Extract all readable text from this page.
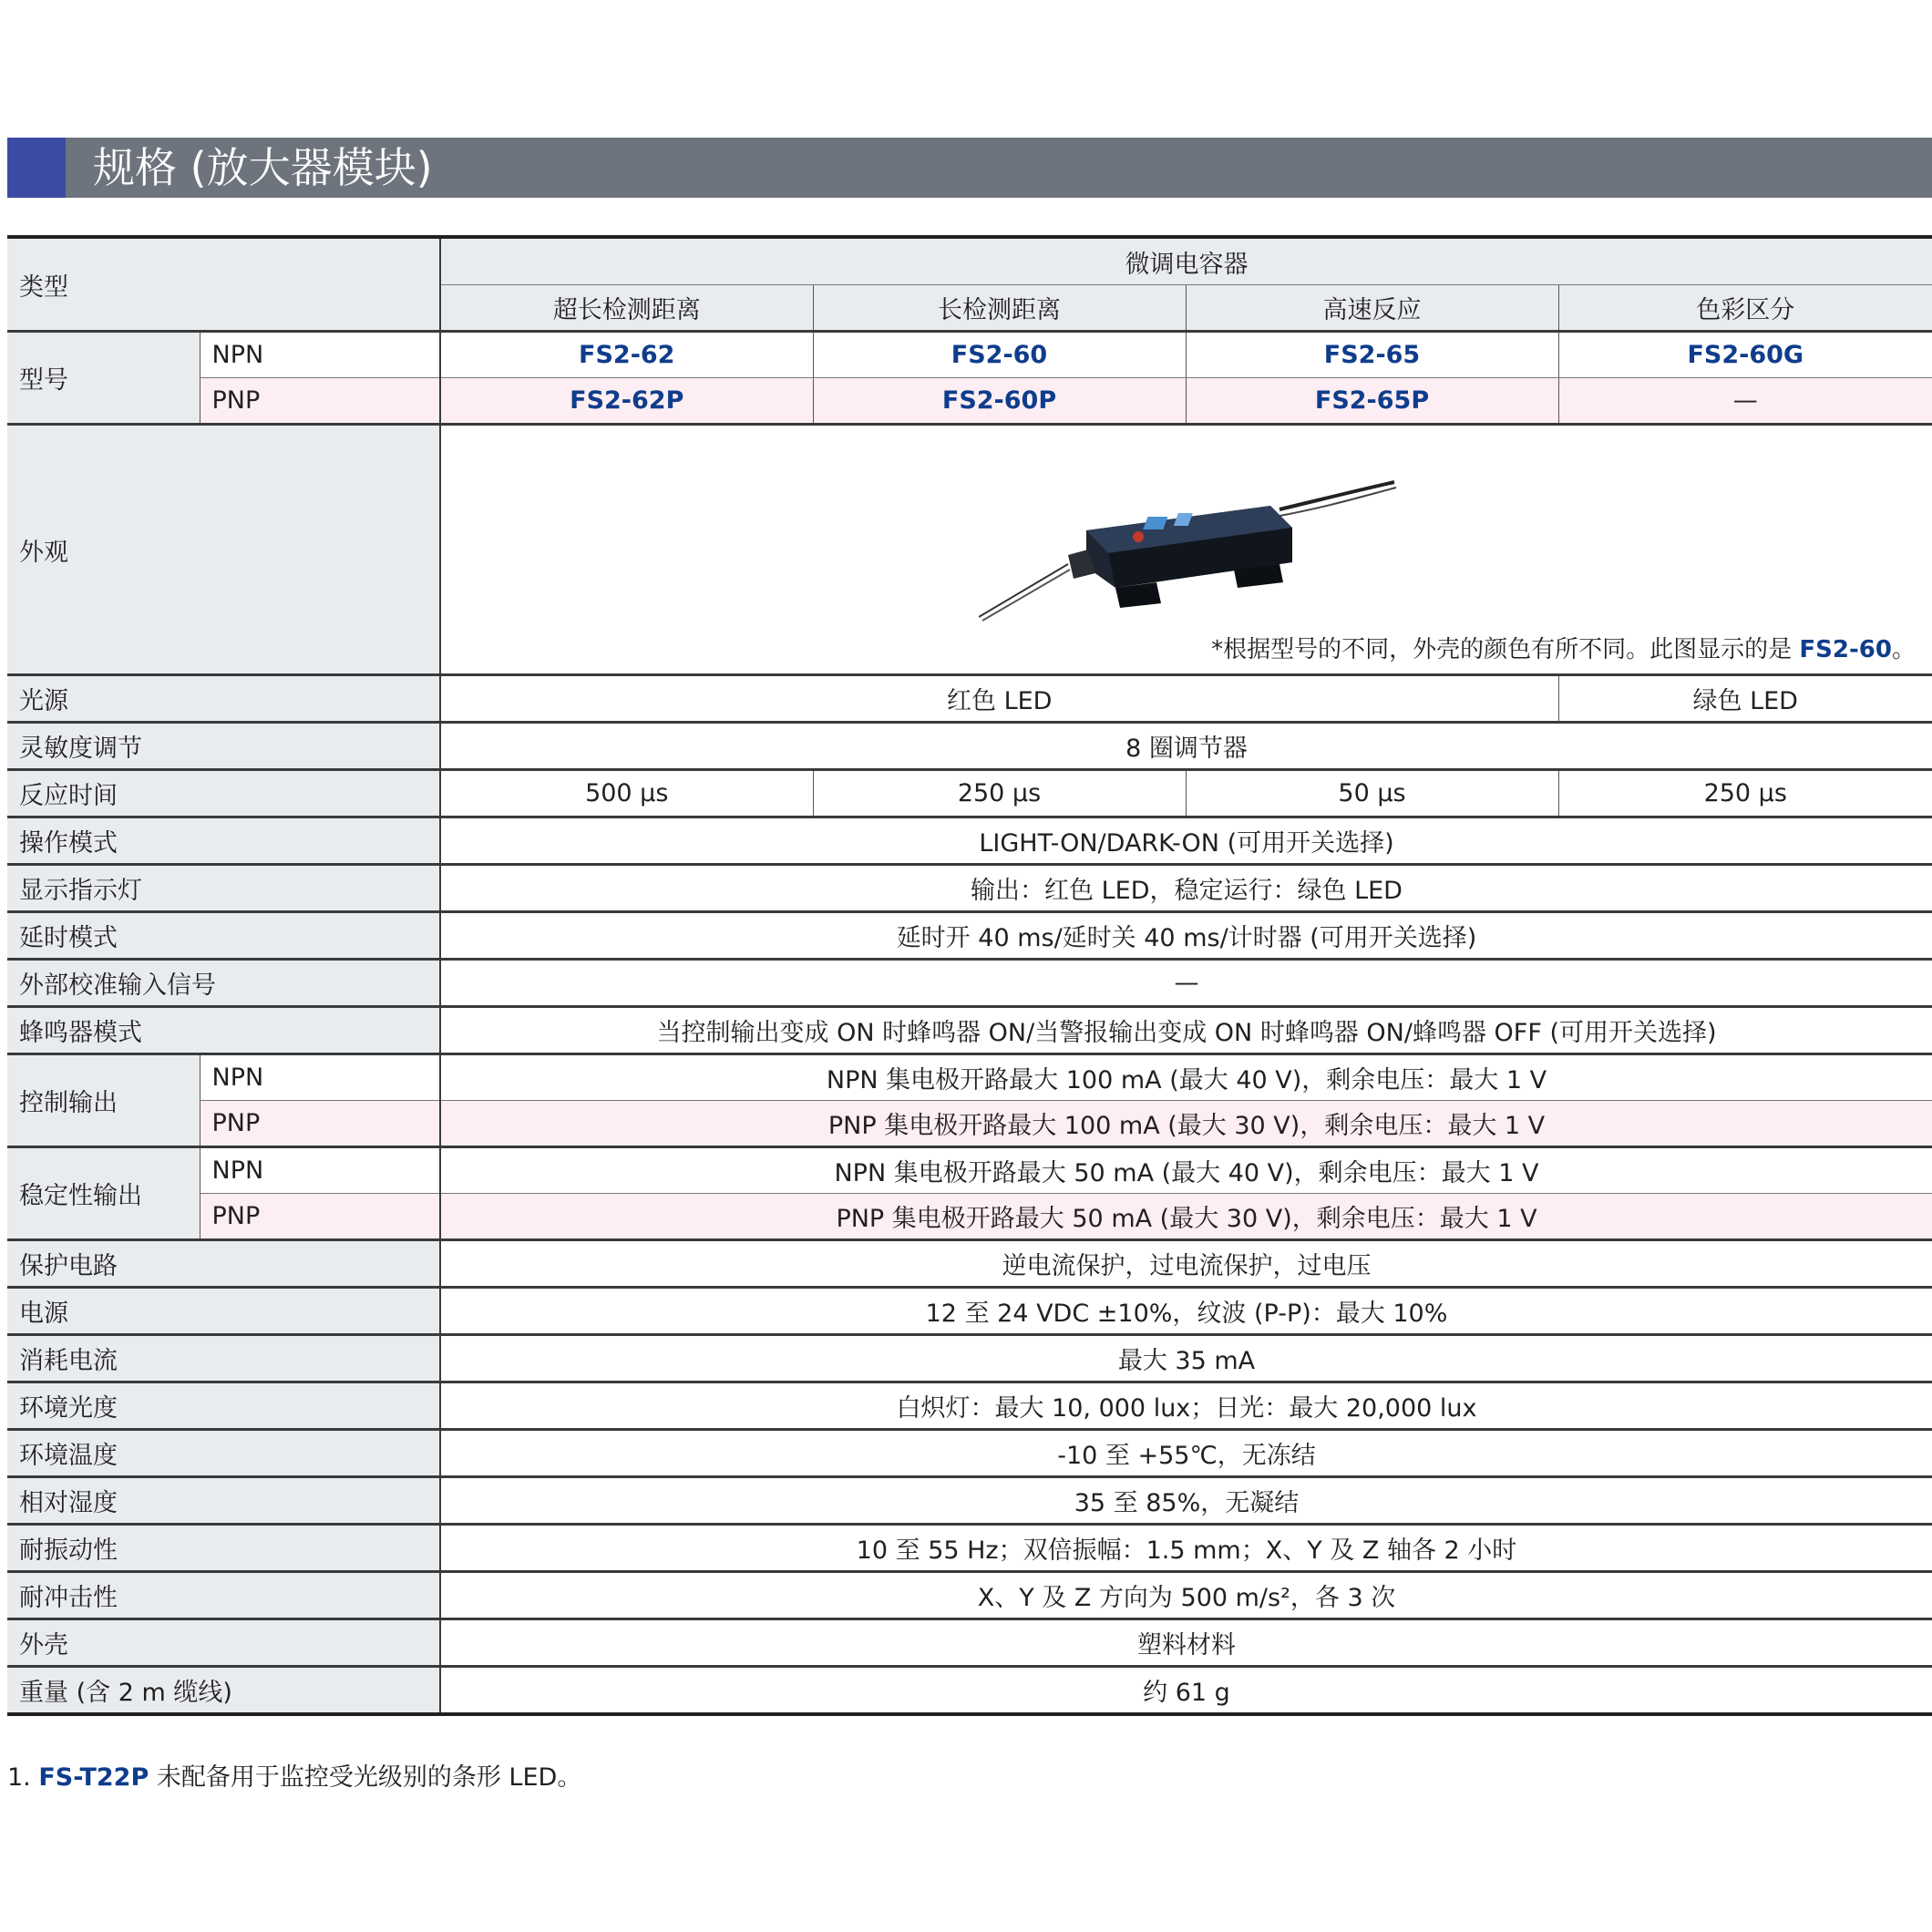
规格 (放大器模块)
类型		微调电容器			
		超长检测距离	长检测距离	高速反应	色彩区分
型号	NPN	FS2-62	FS2-60	FS2-65	FS2-60G
	PNP	FS2-62P	FS2-60P	FS2-65P	—
外观		*根据型号的不同，外壳的颜色有所不同。此图显示的是 FS2-60。			

光源		红色 LED			绿色 LED
灵敏度调节		8 圈调节器			
反应时间		500 μs	250 μs	50 μs	250 μs
操作模式		LIGHT-ON/DARK-ON (可用开关选择)			
显示指示灯		输出：红色 LED，稳定运行：绿色 LED			
延时模式		延时开 40 ms/延时关 40 ms/计时器 (可用开关选择)			
外部校准输入信号		—			
蜂鸣器模式		当控制输出变成 ON 时蜂鸣器 ON/当警报输出变成 ON 时蜂鸣器 ON/蜂鸣器 OFF (可用开关选择)			
控制输出	NPN	NPN 集电极开路最大 100 mA (最大 40 V)，剩余电压：最大 1 V			
	PNP	PNP 集电极开路最大 100 mA (最大 30 V)，剩余电压：最大 1 V			
稳定性输出	NPN	NPN 集电极开路最大 50 mA (最大 40 V)，剩余电压：最大 1 V			
	PNP	PNP 集电极开路最大 50 mA (最大 30 V)，剩余电压：最大 1 V			
保护电路		逆电流保护，过电流保护，过电压			
电源		12 至 24 VDC ±10%，纹波 (P-P)：最大 10%			
消耗电流		最大 35 mA			
环境光度		白炽灯：最大 10, 000 lux；日光：最大 20,000 lux			
环境温度		-10 至 +55℃，无冻结			
相对湿度		35 至 85%，无凝结			
耐振动性		10 至 55 Hz；双倍振幅：1.5 mm；X、Y 及 Z 轴各 2 小时			
耐冲击性		X、Y 及 Z 方向为 500 m/s²，各 3 次			
外壳		塑料材料			
重量 (含 2 m 缆线)		约 61 g			
1. FS-T22P 未配备用于监控受光级别的条形 LED。
